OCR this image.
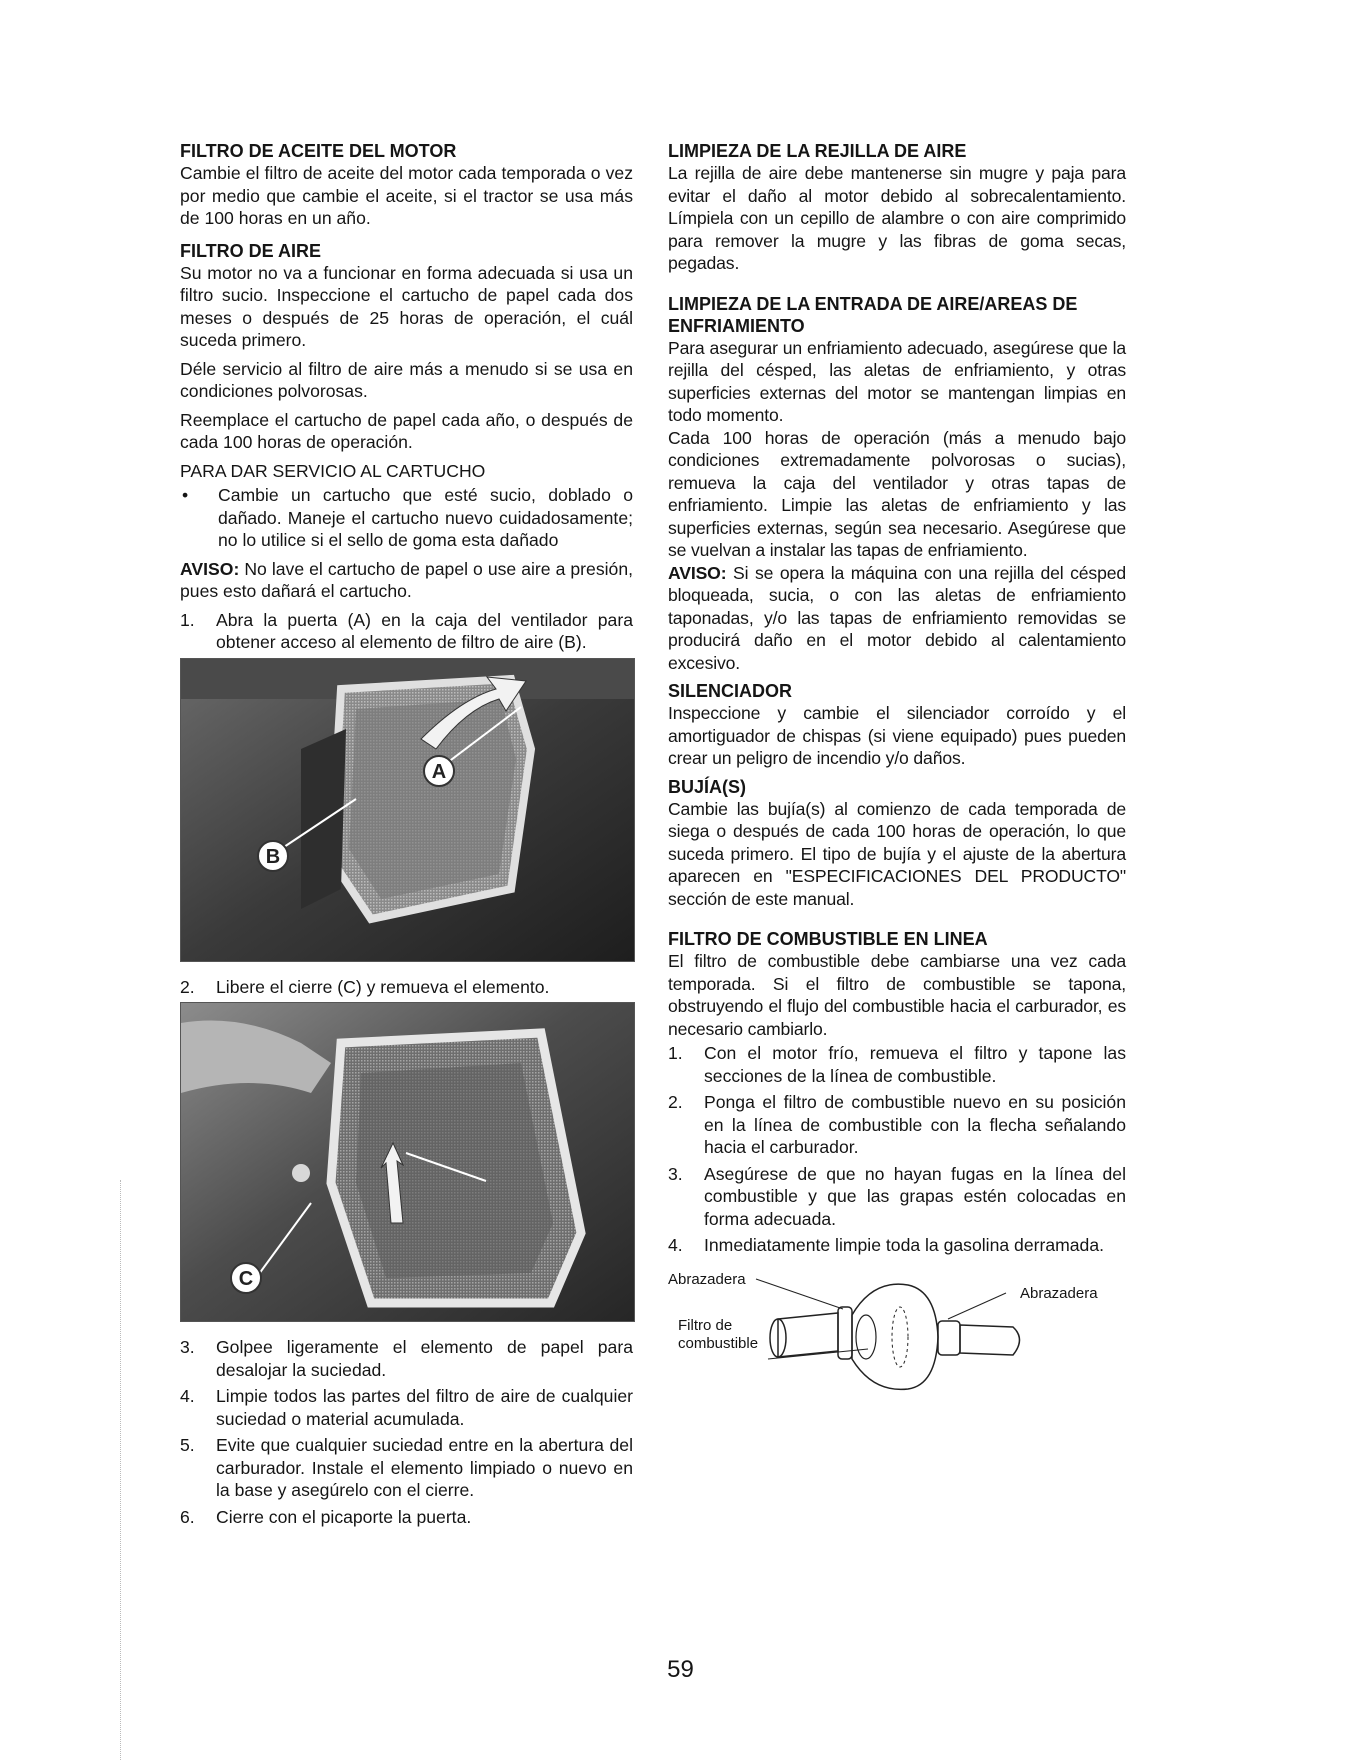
FILTRO DE ACEITE DEL MOTOR

Cambie el filtro de aceite del motor cada temporada o vez por medio que cambie el aceite, si el tractor se usa más de 100 horas en un año.

FILTRO DE AIRE

Su motor no va a funcionar en forma adecuada si usa un filtro sucio. Inspeccione el cartucho de papel cada dos meses o después de 25 horas de operación, el cuál suceda primero.

Déle servicio al filtro de aire más a menudo si se usa en condiciones polvorosas.

Reemplace el cartucho de papel cada año, o después de cada 100 horas de operación.

PARA DAR SERVICIO AL CARTUCHO

•	Cambie un cartucho que esté sucio, doblado o dañado. Maneje el cartucho nuevo cuidadosamente; no lo utilice si el sello de goma esta dañado

AVISO: No lave el cartucho de papel o use aire a presión, pues esto dañará el cartucho.

1.	Abra la puerta (A) en la caja del ventilador para obtener acceso al elemento de filtro de aire (B).
A
B
2.	Libere el cierre (C) y remueva el elemento.
C
3.	Golpee ligeramente el elemento de papel para desalojar la suciedad.
4.	Limpie todos las partes del filtro de aire de cualquier suciedad o material acumulada.
5.	Evite que cualquier suciedad entre en la abertura del carburador. Instale el elemento limpiado o nuevo en la base y asegúrelo con el cierre.
6.	Cierre con el picaporte la puerta.

LIMPIEZA DE LA REJILLA DE AIRE

La rejilla de aire debe mantenerse sin mugre y paja para evitar el daño al motor debido al sobrecalentamiento. Límpiela con un cepillo de alambre o con aire comprimido para remover la mugre y las fibras de goma secas, pegadas.

LIMPIEZA DE LA ENTRADA DE AIRE/AREAS DE ENFRIAMIENTO

Para asegurar un enfriamiento adecuado, asegúrese que la rejilla del césped, las aletas de enfriamiento, y otras superficies externas del motor se mantengan limpias en todo momento.

Cada 100 horas de operación (más a menudo bajo condiciones extremadamente polvorosas o sucias), remueva la caja del ventilador y otras tapas de enfriamiento. Limpie las aletas de enfriamiento y las superficies externas, según sea necesario. Asegúrese que se vuelvan a instalar las tapas de enfriamiento.

AVISO: Si se opera la máquina con una rejilla del césped bloqueada, sucia, o con las aletas de enfriamiento taponadas, y/o las tapas de enfriamiento removidas se producirá daño en el motor debido al calentamiento excesivo.

SILENCIADOR

Inspeccione y cambie el silenciador corroído y el amortiguador de chispas (si viene equipado) pues pueden crear un peligro de incendio y/o daños.

BUJÍA(S)

Cambie las bujía(s) al comienzo de cada temporada de siega o después de cada 100 horas de operación, lo que suceda primero. El tipo de bujía y el ajuste de la abertura aparecen en "ESPECIFICACIONES DEL PRODUCTO" sección de este manual.

FILTRO DE COMBUSTIBLE EN LINEA

El filtro de combustible debe cambiarse una vez cada temporada. Si el filtro de combustible se tapona, obstruyendo el flujo del combustible hacia el carburador, es necesario cambiarlo.

1.	Con el motor frío, remueva el filtro y tapone las secciones de la línea de combustible.
2.	Ponga el filtro de combustible nuevo en su posición en la línea de combustible con la flecha señalando hacia el carburador.
3.	Asegúrese de que no hayan fugas en la línea del combustible y que las grapas estén colocadas en forma adecuada.
4.	Inmediatamente limpie toda la gasolina derramada.
Abrazadera
Abrazadera
Filtro de
combustible
59
